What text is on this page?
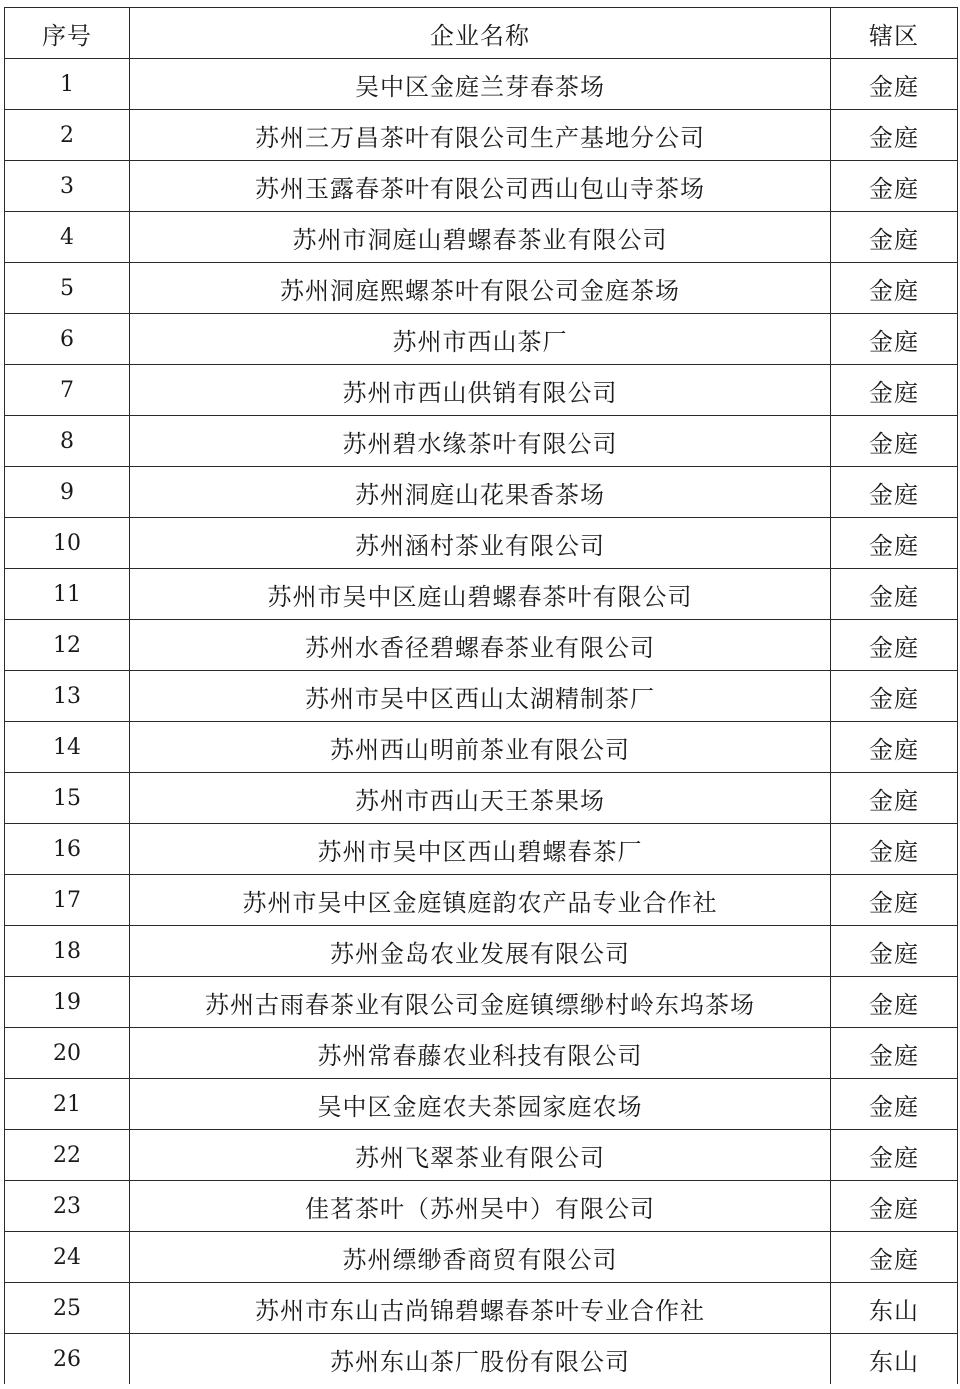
序号	企业名称	辖区
1	吴中区金庭兰芽春茶场	金庭
2	苏州三万昌茶叶有限公司生产基地分公司	金庭
3	苏州玉露春茶叶有限公司西山包山寺茶场	金庭
4	苏州市洞庭山碧螺春茶业有限公司	金庭
5	苏州洞庭熙螺茶叶有限公司金庭茶场	金庭
6	苏州市西山茶厂	金庭
7	苏州市西山供销有限公司	金庭
8	苏州碧水缘茶叶有限公司	金庭
9	苏州洞庭山花果香茶场	金庭
10	苏州涵村茶业有限公司	金庭
11	苏州市吴中区庭山碧螺春茶叶有限公司	金庭
12	苏州水香径碧螺春茶业有限公司	金庭
13	苏州市吴中区西山太湖精制茶厂	金庭
14	苏州西山明前茶业有限公司	金庭
15	苏州市西山天王茶果场	金庭
16	苏州市吴中区西山碧螺春茶厂	金庭
17	苏州市吴中区金庭镇庭韵农产品专业合作社	金庭
18	苏州金岛农业发展有限公司	金庭
19	苏州古雨春茶业有限公司金庭镇缥缈村岭东坞茶场	金庭
20	苏州常春藤农业科技有限公司	金庭
21	吴中区金庭农夫茶园家庭农场	金庭
22	苏州飞翠茶业有限公司	金庭
23	佳茗茶叶（苏州吴中）有限公司	金庭
24	苏州缥缈香商贸有限公司	金庭
25	苏州市东山古尚锦碧螺春茶叶专业合作社	东山
26	苏州东山茶厂股份有限公司	东山
